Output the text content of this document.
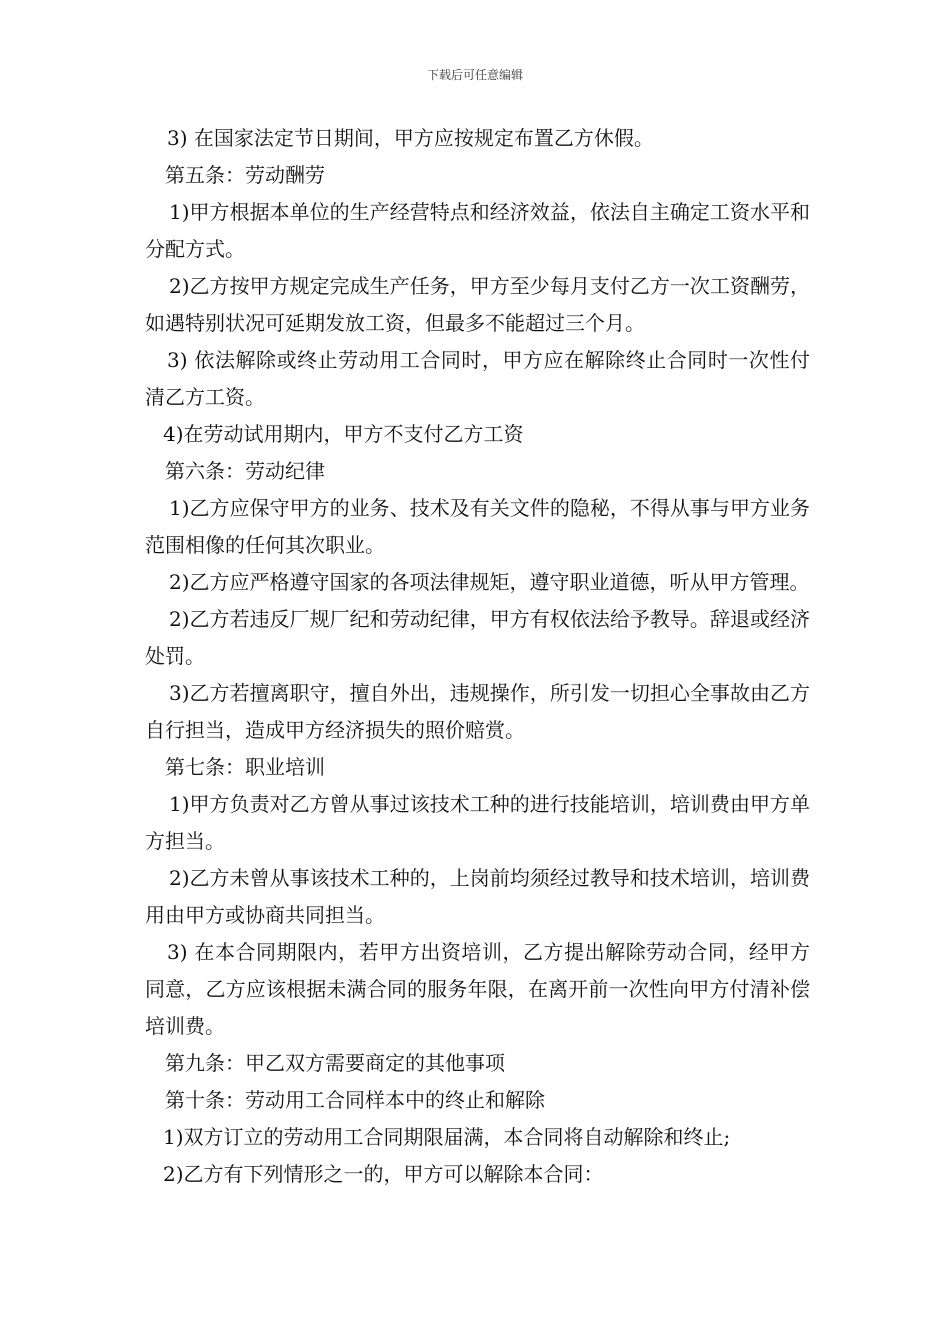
下载后可任意编辑

3) 在国家法定节日期间，甲方应按规定布置乙方休假。

第五条：劳动酬劳

1)甲方根据本单位的生产经营特点和经济效益，依法自主确定工资水平和分配方式。

2)乙方按甲方规定完成生产任务，甲方至少每月支付乙方一次工资酬劳，如遇特别状况可延期发放工资，但最多不能超过三个月。

3) 依法解除或终止劳动用工合同时，甲方应在解除终止合同时一次性付清乙方工资。

4)在劳动试用期内，甲方不支付乙方工资

第六条：劳动纪律

1)乙方应保守甲方的业务、技术及有关文件的隐秘，不得从事与甲方业务范围相像的任何其次职业。

2)乙方应严格遵守国家的各项法律规矩，遵守职业道德，听从甲方管理。

2)乙方若违反厂规厂纪和劳动纪律，甲方有权依法给予教导。辞退或经济处罚。

3)乙方若擅离职守，擅自外出，违规操作，所引发一切担心全事故由乙方自行担当，造成甲方经济损失的照价赔赏。

第七条：职业培训

1)甲方负责对乙方曾从事过该技术工种的进行技能培训，培训费由甲方单方担当。

2)乙方未曾从事该技术工种的，上岗前均须经过教导和技术培训，培训费用由甲方或协商共同担当。

3) 在本合同期限内，若甲方出资培训，乙方提出解除劳动合同，经甲方同意，乙方应该根据未满合同的服务年限，在离开前一次性向甲方付清补偿培训费。

第九条：甲乙双方需要商定的其他事项

第十条：劳动用工合同样本中的终止和解除

1)双方订立的劳动用工合同期限届满，本合同将自动解除和终止;

2)乙方有下列情形之一的，甲方可以解除本合同：
